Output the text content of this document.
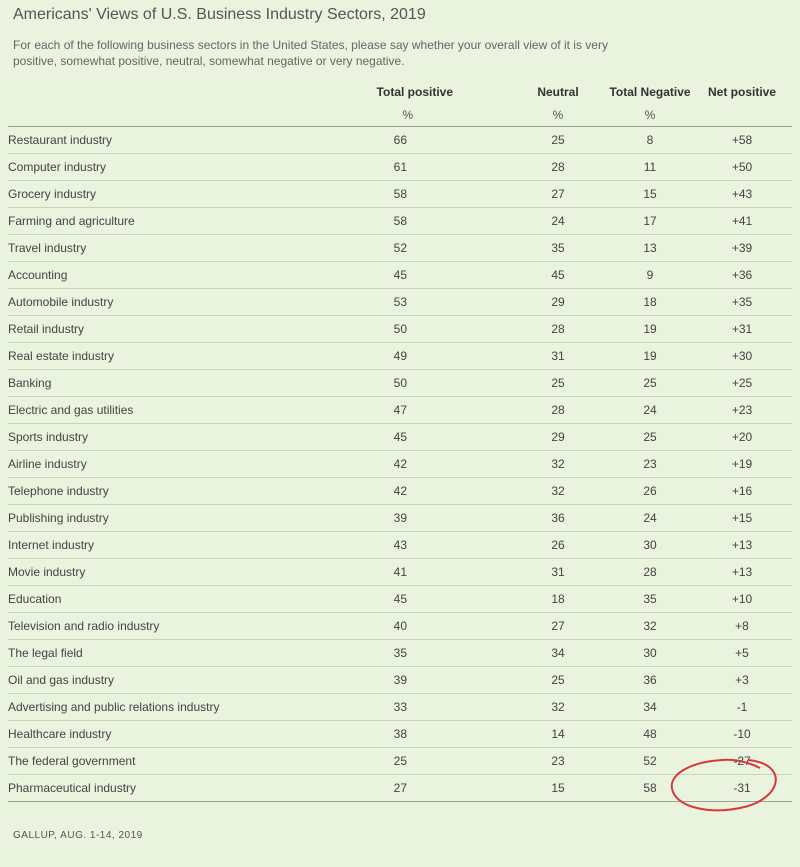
Americans' Views of U.S. Business Industry Sectors, 2019
For each of the following business sectors in the United States, please say whether your overall view of it is very positive, somewhat positive, neutral, somewhat negative or very negative.
	Total positive		Neutral	Total Negative	Net positive
	%		%	%	
Restaurant industry	66		25	8	+58
Computer industry	61		28	11	+50
Grocery industry	58		27	15	+43
Farming and agriculture	58		24	17	+41
Travel industry	52		35	13	+39
Accounting	45		45	9	+36
Automobile industry	53		29	18	+35
Retail industry	50		28	19	+31
Real estate industry	49		31	19	+30
Banking	50		25	25	+25
Electric and gas utilities	47		28	24	+23
Sports industry	45		29	25	+20
Airline industry	42		32	23	+19
Telephone industry	42		32	26	+16
Publishing industry	39		36	24	+15
Internet industry	43		26	30	+13
Movie industry	41		31	28	+13
Education	45		18	35	+10
Television and radio industry	40		27	32	+8
The legal field	35		34	30	+5
Oil and gas industry	39		25	36	+3
Advertising and public relations industry	33		32	34	-1
Healthcare industry	38		14	48	-10
The federal government	25		23	52	-27
Pharmaceutical industry	27		15	58	-31
GALLUP, AUG. 1-14, 2019
